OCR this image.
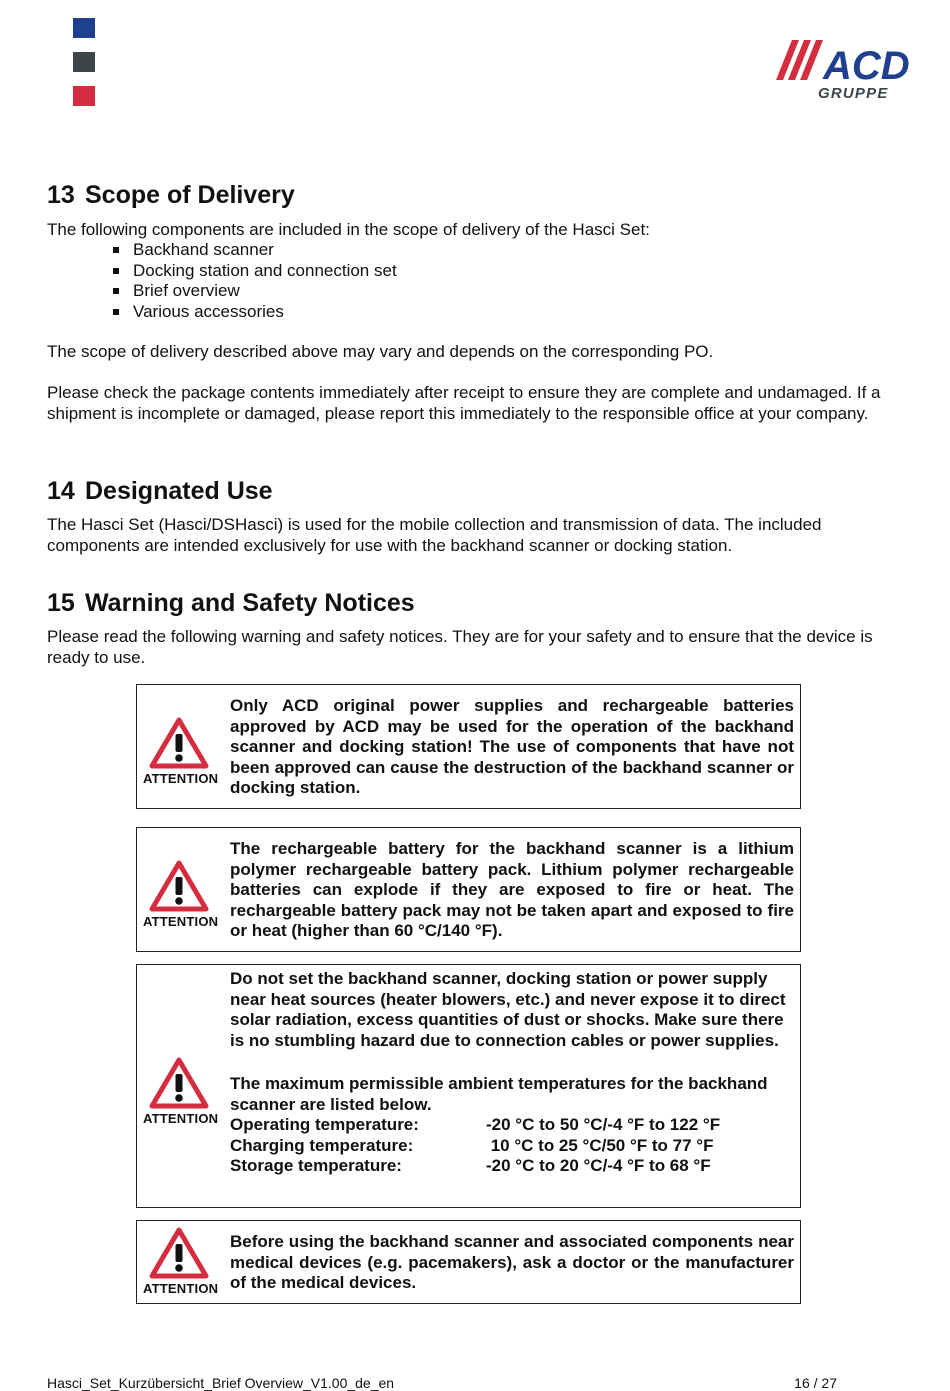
ACD
GRUPPE
13 Scope of Delivery

The following components are included in the scope of delivery of the Hasci Set:

Backhand scanner
Docking station and connection set
Brief overview
Various accessories

The scope of delivery described above may vary and depends on the corresponding PO.

Please check the package contents immediately after receipt to ensure they are complete and undamaged. If a shipment is incomplete or damaged, please report this immediately to the responsible office at your company.

14 Designated Use

The Hasci Set (Hasci/DSHasci) is used for the mobile collection and transmission of data. The included components are intended exclusively for use with the backhand scanner or docking station.

15 Warning and Safety Notices

Please read the following warning and safety notices. They are for your safety and to ensure that the device is ready to use.

ATTENTION

Only ACD original power supplies and rechargeable batteries approved by ACD may be used for the operation of the backhand scanner and docking station! The use of components that have not been approved can cause the destruction of the backhand scanner or docking station.

ATTENTION

The rechargeable battery for the backhand scanner is a lithium polymer rechargeable battery pack. Lithium polymer rechargeable batteries can explode if they are exposed to fire or heat. The rechargeable battery pack may not be taken apart and exposed to fire or heat (higher than 60 °C/140 °F).

ATTENTION
Do not set the backhand scanner, docking station or power supply near heat sources (heater blowers, etc.) and never expose it to direct solar radiation, excess quantities of dust or shocks. Make sure there is no stumbling hazard due to connection cables or power supplies.
The maximum permissible ambient temperatures for the backhand scanner are listed below.
Operating temperature:	-20 °C to 50 °C/-4 °F to 122 °F
Charging temperature:	10 °C to 25 °C/50 °F to 77 °F
Storage temperature:	-20 °C to 20 °C/-4 °F to 68 °F
ATTENTION

Before using the backhand scanner and associated components near medical devices (e.g. pacemakers), ask a doctor or the manufacturer of the medical devices.

Hasci_Set_Kurzübersicht_Brief Overview_V1.00_de_en	16 / 27
